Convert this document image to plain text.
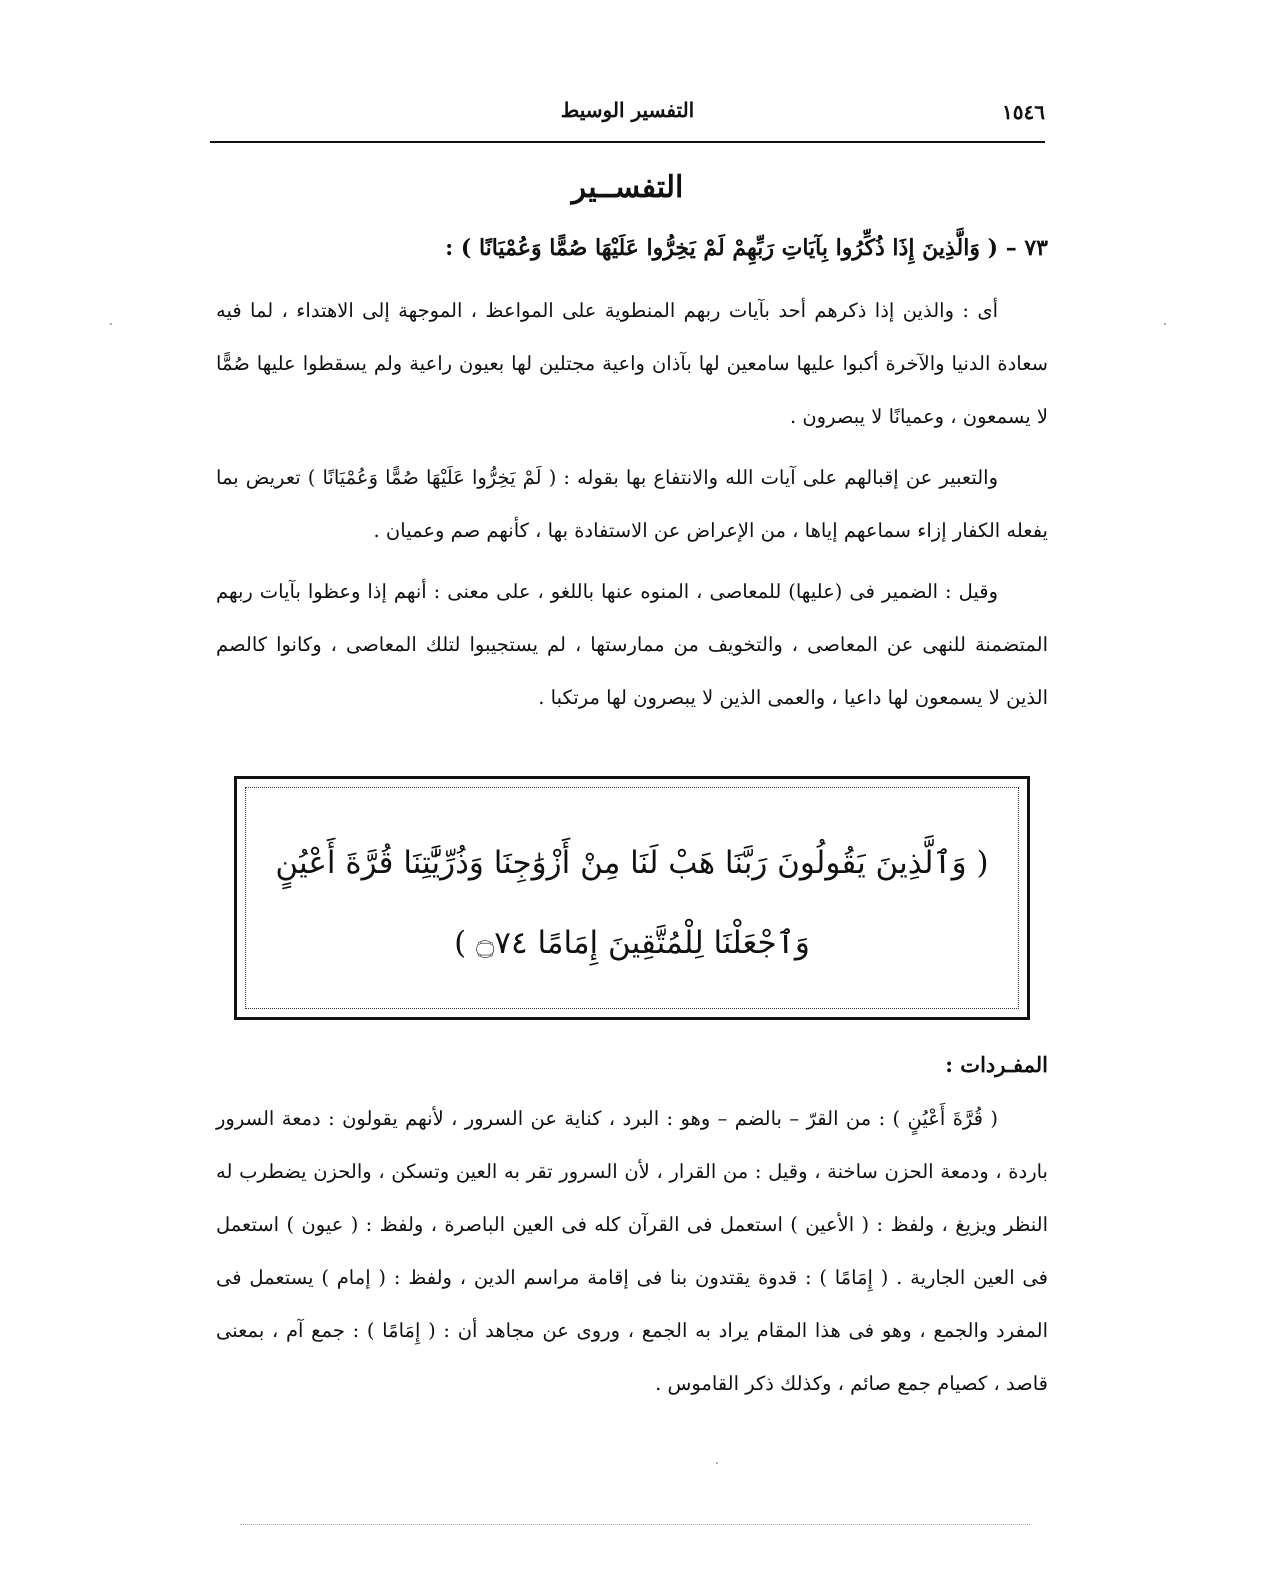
التفسير الوسيط	١٥٤٦
التفســير
٧٣ – ( وَالَّذِينَ إِذَا ذُكِّرُوا بِآيَاتِ رَبِّهِمْ لَمْ يَخِرُّوا عَلَيْهَا صُمًّا وَعُمْيَانًا ) :

أى : والذين إذا ذكرهم أحد بآيات ربهم المنطوية على المواعظ ، الموجهة إلى الاهتداء ، لما فيه سعادة الدنيا والآخرة أكبوا عليها سامعين لها بآذان واعية مجتلين لها بعيون راعية ولم يسقطوا عليها صُمًّا لا يسمعون ، وعميانًا لا يبصرون .

والتعبير عن إقبالهم على آيات الله والانتفاع بها بقوله : ( لَمْ يَخِرُّوا عَلَيْهَا صُمًّا وَعُمْيَانًا ) تعريض بما يفعله الكفار إزاء سماعهم إياها ، من الإعراض عن الاستفادة بها ، كأنهم صم وعميان .

وقيل : الضمير فى (عليها) للمعاصى ، المنوه عنها باللغو ، على معنى : أنهم إذا وعظوا بآيات ربهم المتضمنة للنهى عن المعاصى ، والتخويف من ممارستها ، لم يستجيبوا لتلك المعاصى ، وكانوا كالصم الذين لا يسمعون لها داعيا ، والعمى الذين لا يبصرون لها مرتكبا .

( وَٱلَّذِينَ يَقُولُونَ رَبَّنَا هَبْ لَنَا مِنْ أَزْوَٰجِنَا وَذُرِّيَّٰتِنَا قُرَّةَ أَعْيُنٍ وَٱجْعَلْنَا لِلْمُتَّقِينَ إِمَامًا ۝٧٤ )
المفـردات :

( قُرَّةَ أَعْيُنٍ ) : من القرّ – بالضم – وهو : البرد ، كناية عن السرور ، لأنهم يقولون : دمعة السرور باردة ، ودمعة الحزن ساخنة ، وقيل : من القرار ، لأن السرور تقر به العين وتسكن ، والحزن يضطرب له النظر ويزيغ ، ولفظ : ( الأعين ) استعمل فى القرآن كله فى العين الباصرة ، ولفظ : ( عيون ) استعمل فى العين الجارية . ( إِمَامًا ) : قدوة يقتدون بنا فى إقامة مراسم الدين ، ولفظ : ( إمام ) يستعمل فى المفرد والجمع ، وهو فى هذا المقام يراد به الجمع ، وروى عن مجاهد أن : ( إِمَامًا ) : جمع آم ، بمعنى قاصد ، كصيام جمع صائم ، وكذلك ذكر القاموس .
